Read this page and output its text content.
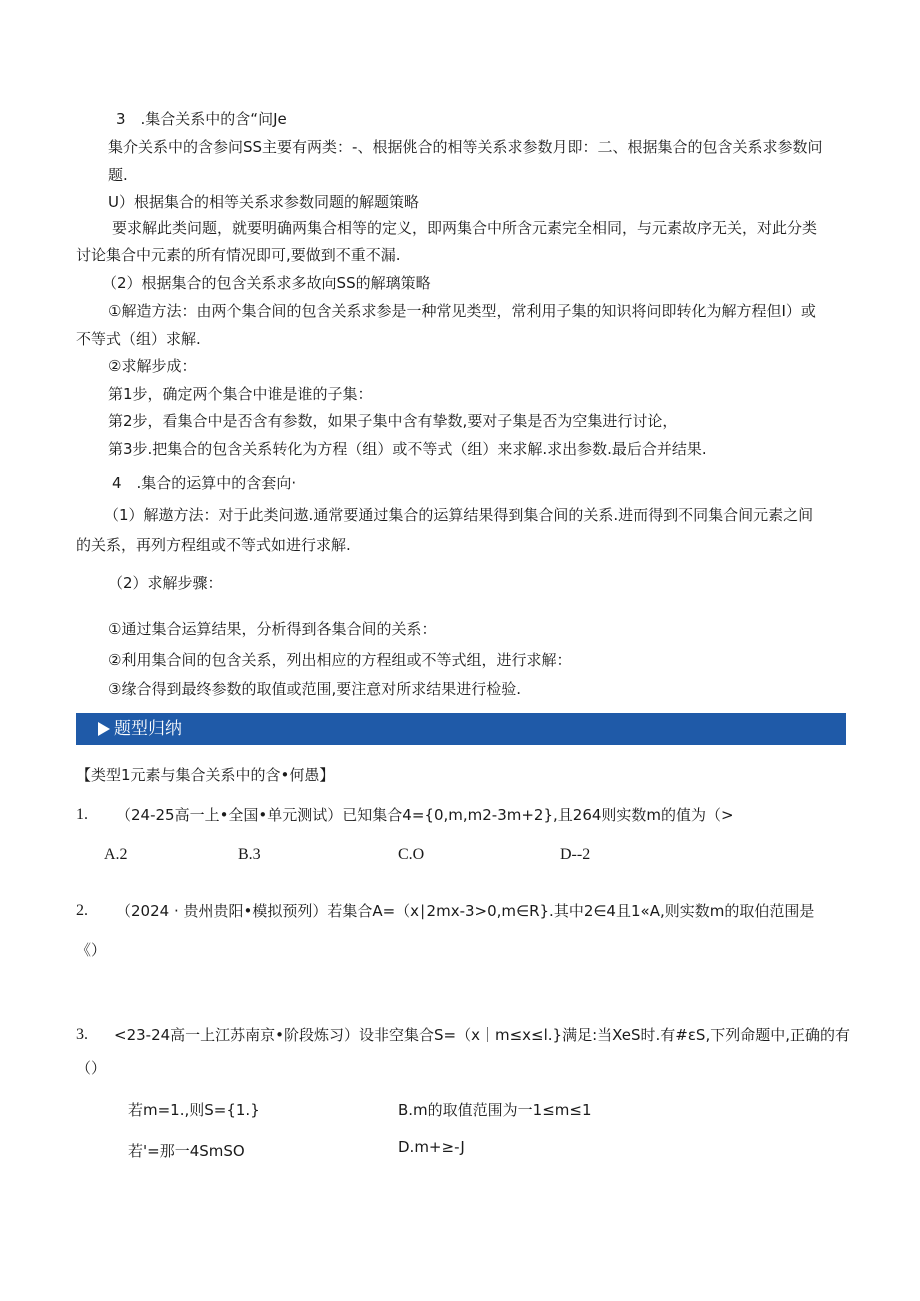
3　.集合关系中的含“问Je
集介关系中的含参问SS主要有两类：-、根据佻合的相等关系求参数月即：二、根据集合的包含关系求参数问
题.
U）根据集合的相等关系求参数同题的解题策略
要求解此类问题，就要明确两集合相等的定义，即两集合中所含元素完全相同，与元素故序无关，对此分类
讨论集合中元素的所有情况即可,要做到不重不漏.
（2）根据集合的包含关系求多故向SS的解璃策略
①解造方法：由两个集合间的包含关系求参是一种常见类型，常利用子集的知识将问即转化为解方程但I）或
不等式（组）求解.
②求解步成：
第1步，确定两个集合中谁是谁的子集：
第2步，看集合中是否含有参数，如果子集中含有挚数,要对子集是否为空集进行讨论，
第3步.把集合的包含关系转化为方程（组）或不等式（组）来求解.求出参数.最后合并结果.
4　.集合的运算中的含套向·
（1）解遨方法：对于此类问遨.通常要通过集合的运算结果得到集合间的关系.进而得到不同集合间元素之间
的关系，再列方程组或不等式如进行求解.
（2）求解步骤：
①通过集合运算结果，分析得到各集合间的关系：
②利用集合间的包含关系，列出相应的方程组或不等式组，进行求解：
③缘合得到最终参数的取值或范围,要注意对所求结果进行检验.
题型归纳
【类型1元素与集合关系中的含•何愚】
1. （24-25高一上•全国•单元测试）已知集合4={0,m,m2-3m+2},且264则实数m的值为（>
A.2	B.3	C.O	D--2
2. （2024 · 贵州贵阳•模拟预列）若集合A=（x∣2mx-3>0,m∈R}.其中2∈4且1«A,则实数m的取伯范围是
《）
3. <23-24高一上江苏南京•阶段炼习）设非空集合S=（x｜m≤x≤l.}满足:当XeS时.有#εS,下列命题中,正确的有
（）
若m=1.,则S={1.}	B.m的取值范围为一1≤m≤1
若'=那一4SmSO	D.m+≥-J
